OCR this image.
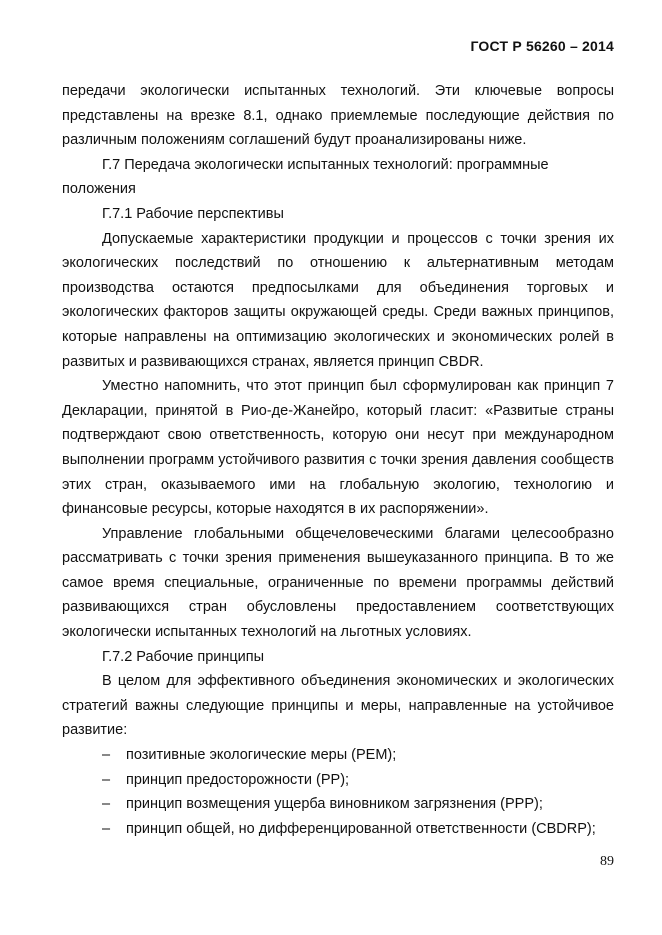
ГОСТ Р 56260 – 2014

передачи экологически испытанных технологий. Эти ключевые вопросы представлены на врезке 8.1, однако приемлемые последующие действия по различным положениям соглашений будут проанализированы ниже.

Г.7 Передача экологически испытанных технологий: программные положения

Г.7.1 Рабочие перспективы

Допускаемые характеристики продукции и процессов с точки зрения их экологических последствий по отношению к альтернативным методам производства остаются предпосылками для объединения торговых и экологических факторов защиты окружающей среды. Среди важных принципов, которые направлены на оптимизацию экологических и экономических ролей в развитых и развивающихся странах, является принцип CBDR.

Уместно напомнить, что этот принцип был сформулирован как принцип 7 Декларации, принятой в Рио-де-Жанейро, который гласит: «Развитые страны подтверждают свою ответственность, которую они несут при международном выполнении программ устойчивого развития с точки зрения давления сообществ этих стран, оказываемого ими на глобальную экологию, технологию и финансовые ресурсы, которые находятся в их распоряжении».

Управление глобальными общечеловеческими благами целесообразно рассматривать с точки зрения применения вышеуказанного принципа. В то же самое время специальные, ограниченные по времени программы действий развивающихся стран обусловлены предоставлением соответствующих экологически испытанных технологий на льготных условиях.

Г.7.2 Рабочие принципы

В целом для эффективного объединения экономических и экологических стратегий важны следующие принципы и меры, направленные на устойчивое развитие:

– позитивные экологические меры (PEM);
– принцип предосторожности (PP);
– принцип возмещения ущерба виновником загрязнения (PPP);
– принцип общей, но дифференцированной ответственности (CBDRP);
89
